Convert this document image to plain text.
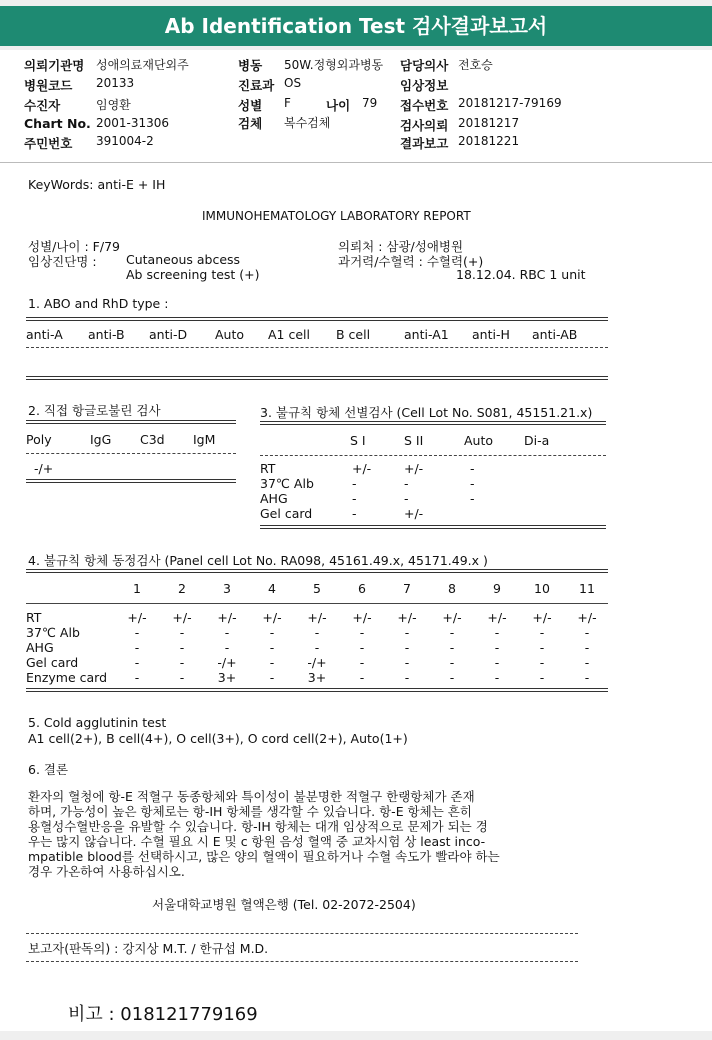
Ab Identification Test 검사결과보고서
의뢰기관명 성애의료재단외주
병원코드 20133
수진자	임영환
Chart No. 2001-31306
주민번호 391004-2
병동 50W.정형외과병동
진료과 OS
성별 F	나이 79
검체 복수검체
담당의사 전호승
임상정보
접수번호 20181217-79169
검사의뢰 20181217
결과보고 20181221
KeyWords: anti-E + IH
IMMUNOHEMATOLOGY LABORATORY REPORT
성별/나이 : F/79
임상진단명 : Cutaneous abcess
Ab screening test (+)
의뢰처 : 삼광/성애병원
과거력/수혈력 : 수혈력(+)
18.12.04. RBC 1 unit
1. ABO and RhD type :
anti-A anti-B anti-D Auto A1 cell B cell	anti-A1 anti-H anti-AB
2. 직접 항글로불린 검사
Poly	IgG C3d IgM
-/+
3. 불규칙 항체 선별검사 (Cell Lot No. S081, 45151.21.x)
S I	S II	Auto Di-a
RT	+/-	+/-	-
37℃ Alb	-	-	-
AHG	-	-	-
Gel card	-	+/-
4. 불규칙 항체 동정검사 (Panel cell Lot No. RA098, 45161.49.x, 45171.49.x )
1	2	3	4	5	6	7	8	9	10	11
RT	+/-	+/-	+/-	+/-	+/-	+/-	+/-	+/-	+/-	+/-	+/-
37℃ Alb	-	-	-	-	-	-	-	-	-	-	-
AHG	-	-	-	-	-	-	-	-	-	-	-
Gel card	-	-	-/+	-	-/+	-	-	-	-	-	-
Enzyme card	-	-	3+	-	3+	-	-	-	-	-	-
5. Cold agglutinin test
A1 cell(2+), B cell(4+), O cell(3+), O cord cell(2+), Auto(1+)
6. 결론
환자의 혈청에 항-E 적혈구 동종항체와 특이성이 불분명한 적혈구 한랭항체가 존재
하며, 가능성이 높은 항체로는 항-IH 항체를 생각할 수 있습니다. 항-E 항체는 흔히
용혈성수혈반응을 유발할 수 있습니다. 항-IH 항체는 대개 임상적으로 문제가 되는 경
우는 많지 않습니다. 수혈 필요 시 E 및 c 항원 음성 혈액 중 교차시험 상 least inco-
mpatible blood를 선택하시고, 많은 양의 혈액이 필요하거나 수혈 속도가 빨라야 하는
경우 가온하여 사용하십시오.
서울대학교병원 혈액은행 (Tel. 02-2072-2504)
보고자(판독의) : 강지상 M.T. / 한규섭 M.D.
비고 : 018121779169
